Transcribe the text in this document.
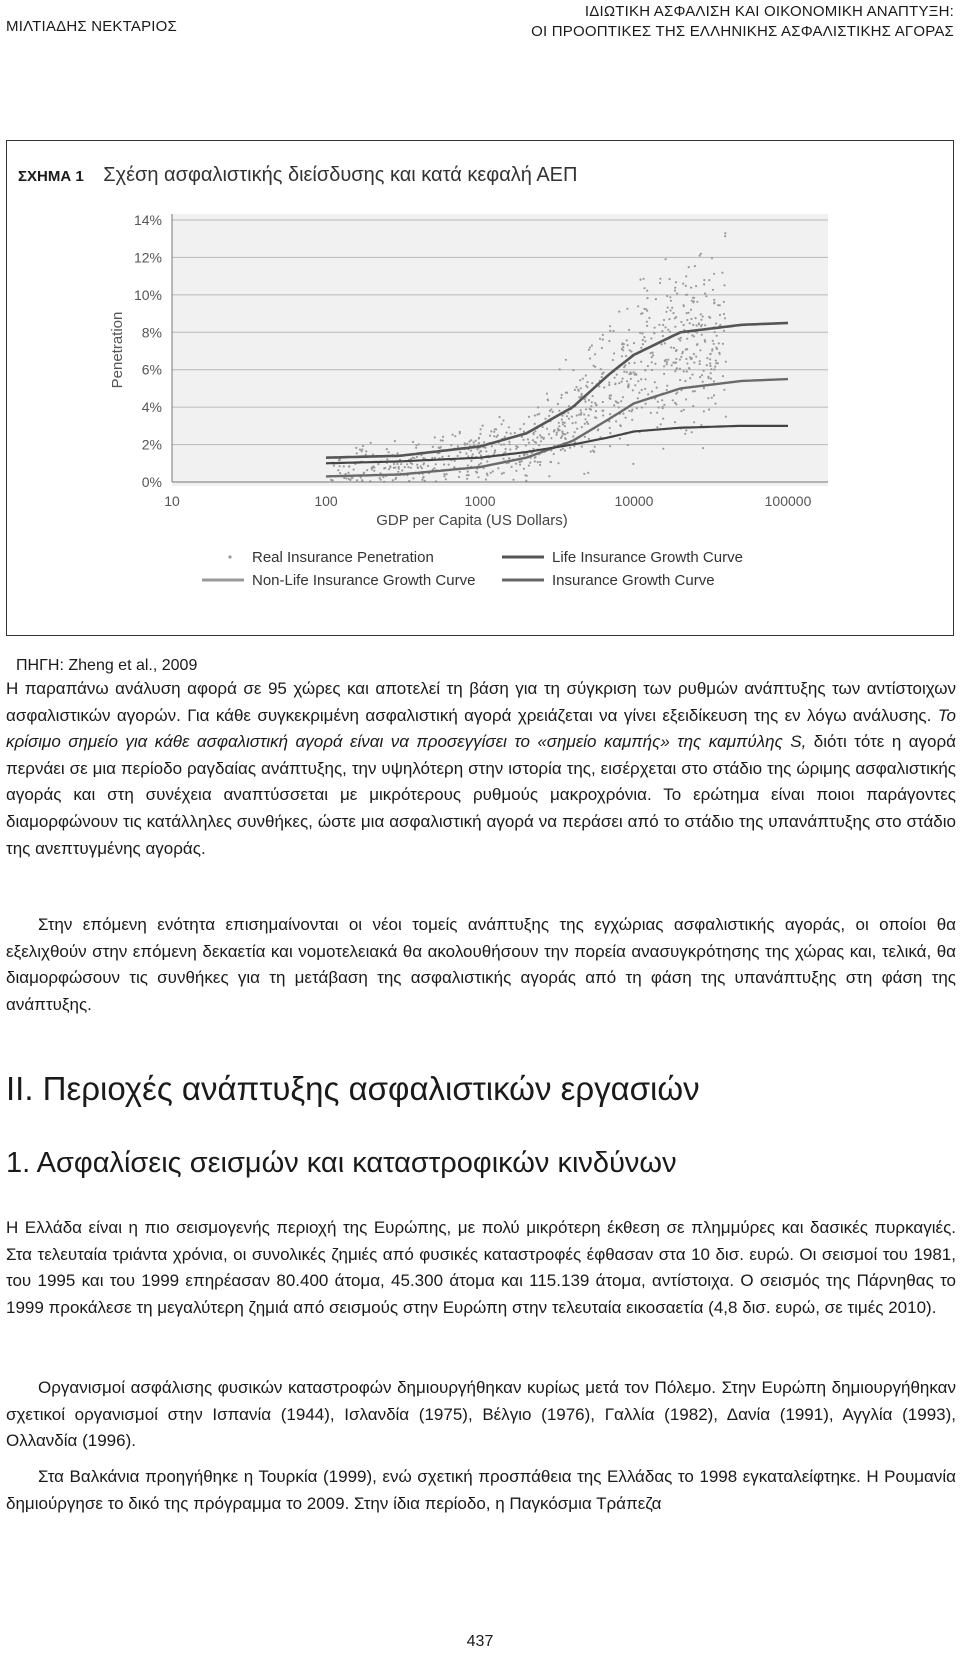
ΜΙΛΤΙΑΔΗΣ ΝΕΚΤΑΡΙΟΣ
ΙΔΙΩΤΙΚΗ ΑΣΦΑΛΙΣΗ ΚΑΙ ΟΙΚΟΝΟΜΙΚΗ ΑΝΑΠΤΥΞΗ:
ΟΙ ΠΡΟΟΠΤΙΚΕΣ ΤΗΣ ΕΛΛΗΝΙΚΗΣ ΑΣΦΑΛΙΣΤΙΚΗΣ ΑΓΟΡΑΣ
ΣΧΗΜΑ 1 Σχέση ασφαλιστικής διείσδυσης και κατά κεφαλή ΑΕΠ
0%
2%
4%
6%
8%
10%
12%
14%
10	100	1000	10000	100000
Penetration
GDP per Capita (US Dollars)
Real Insurance Penetration	Life Insurance Growth Curve
Non-Life Insurance Growth Curve	Insurance Growth Curve
ΠΗΓΗ: Zheng et al., 2009
Η παραπάνω ανάλυση αφορά σε 95 χώρες και αποτελεί τη βάση για τη σύγκριση των ρυθμών ανάπτυξης των αντίστοιχων ασφαλιστικών αγορών. Για κάθε συγκεκριμένη ασφαλιστική αγορά χρειάζεται να γίνει εξειδίκευση της εν λόγω ανάλυσης. Το κρίσιμο σημείο για κάθε ασφαλιστική αγορά είναι να προσεγγίσει το «σημείο καμπής» της καμπύλης S, διότι τότε η αγορά περνάει σε μια περίοδο ραγδαίας ανάπτυξης, την υψηλότερη στην ιστορία της, εισέρχεται στο στάδιο της ώριμης ασφαλιστικής αγοράς και στη συνέχεια αναπτύσσεται με μικρότερους ρυθμούς μακροχρόνια. Το ερώτημα είναι ποιοι παράγοντες διαμορφώνουν τις κατάλληλες συνθήκες, ώστε μια ασφαλιστική αγορά να περάσει από το στάδιο της υπανάπτυξης στο στάδιο της ανεπτυγμένης αγοράς.
Στην επόμενη ενότητα επισημαίνονται οι νέοι τομείς ανάπτυξης της εγχώριας ασφαλιστικής αγοράς, οι οποίοι θα εξελιχθούν στην επόμενη δεκαετία και νομοτελειακά θα ακολουθήσουν την πορεία ανασυγκρότησης της χώρας και, τελικά, θα διαμορφώσουν τις συνθήκες για τη μετάβαση της ασφαλιστικής αγοράς από τη φάση της υπανάπτυξης στη φάση της ανάπτυξης.
II. Περιοχές ανάπτυξης ασφαλιστικών εργασιών
1. Ασφαλίσεις σεισμών και καταστροφικών κινδύνων
Η Ελλάδα είναι η πιο σεισμογενής περιοχή της Ευρώπης, με πολύ μικρότερη έκθεση σε πλημμύρες και δασικές πυρκαγιές. Στα τελευταία τριάντα χρόνια, οι συνολικές ζημιές από φυσικές καταστροφές έφθασαν στα 10 δισ. ευρώ. Οι σεισμοί του 1981, του 1995 και του 1999 επηρέασαν 80.400 άτομα, 45.300 άτομα και 115.139 άτομα, αντίστοιχα. Ο σεισμός της Πάρνηθας το 1999 προκάλεσε τη μεγαλύτερη ζημιά από σεισμούς στην Ευρώπη στην τελευταία εικοσαετία (4,8 δισ. ευρώ, σε τιμές 2010).
Οργανισμοί ασφάλισης φυσικών καταστροφών δημιουργήθηκαν κυρίως μετά τον Πόλεμο. Στην Ευρώπη δημιουργήθηκαν σχετικοί οργανισμοί στην Ισπανία (1944), Ισλανδία (1975), Βέλγιο (1976), Γαλλία (1982), Δανία (1991), Αγγλία (1993), Ολλανδία (1996).
Στα Βαλκάνια προηγήθηκε η Τουρκία (1999), ενώ σχετική προσπάθεια της Ελλάδας το 1998 εγκαταλείφτηκε. Η Ρουμανία δημιούργησε το δικό της πρόγραμμα το 2009. Στην ίδια περίοδο, η Παγκόσμια Τράπεζα
437
